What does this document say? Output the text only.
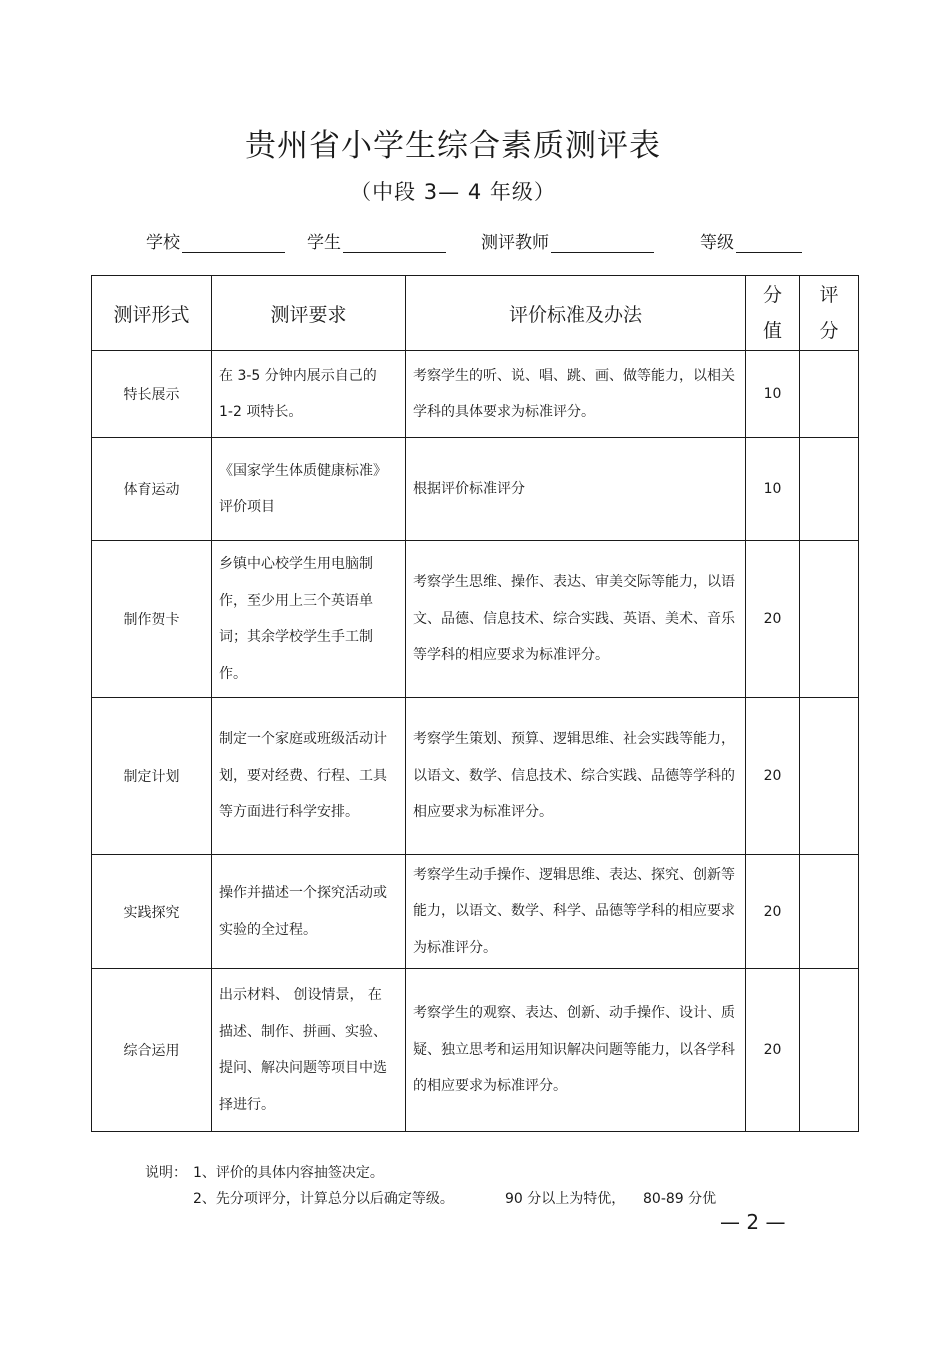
贵州省小学生综合素质测评表
（中段 3— 4 年级）
学校	学生	测评教师	等级
测评形式	测评要求	评价标准及办法	分值	评分

特长展示	在 3-5 分钟内展示自己的 1-2 项特长。	考察学生的听、说、唱、跳、画、做等能力，以相关学科的具体要求为标准评分。	10	
体育运动	《国家学生体质健康标准》评价项目	根据评价标准评分	10	
制作贺卡	乡镇中心校学生用电脑制作，至少用上三个英语单词；其余学校学生手工制作。	考察学生思维、操作、表达、审美交际等能力，以语文、品德、信息技术、综合实践、英语、美术、音乐等学科的相应要求为标准评分。	20	
制定计划	制定一个家庭或班级活动计划，要对经费、行程、工具等方面进行科学安排。	考察学生策划、预算、逻辑思维、社会实践等能力，以语文、数学、信息技术、综合实践、品德等学科的相应要求为标准评分。	20	
实践探究	操作并描述一个探究活动或实验的全过程。	考察学生动手操作、逻辑思维、表达、探究、创新等能力，以语文、数学、科学、品德等学科的相应要求为标准评分。	20	
综合运用	出示材料、 创设情景， 在描述、制作、拼画、实验、提问、解决问题等项目中选择进行。	考察学生的观察、表达、创新、动手操作、设计、质疑、独立思考和运用知识解决问题等能力，以各学科的相应要求为标准评分。	20	
说明： 1、评价的具体内容抽签决定。
2、先分项评分，计算总分以后确定等级。	90 分以上为特优， 80-89 分优
— 2 —
